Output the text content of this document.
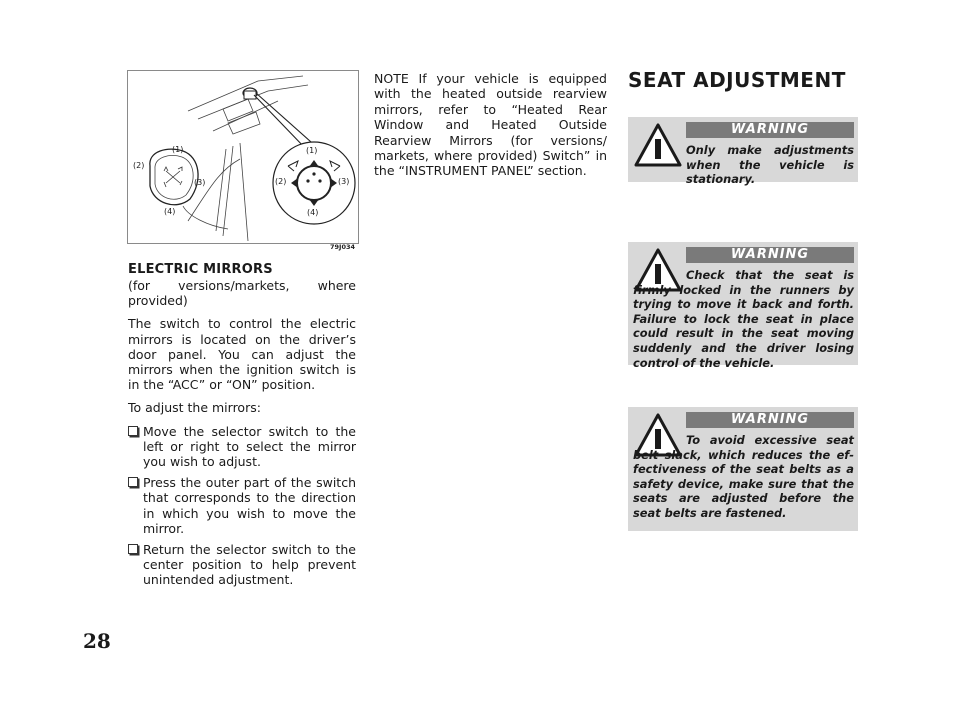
(1)
(2)
(3)
(4)
(1)
(2)	(3)
(4)
79J034
ELECTRIC MIRRORS

(for versions/markets, where provided)

The switch to control the electric mirrors is located on the driver’s door panel. You can adjust the mirrors when the ignition switch is in the “ACC” or “ON” position.

To adjust the mirrors:

Move the selector switch to the left or right to select the mirror you wish to adjust.
Press the outer part of the switch that corresponds to the direction in which you wish to move the mirror.
Return the selector switch to the center position to help prevent unintended adjustment.

NOTE If your vehicle is equipped with the heated outside rearview mirrors, refer to “Heated Rear Window and Heated Outside Rearview Mirrors (for versions/ markets, where provided) Switch” in the “INSTRUMENT PANEL” section.

SEAT ADJUSTMENT
WARNING
Only make adjustments when the vehicle is stationary.
WARNING
Check that the seat is firmly locked in the runners by trying to move it back and forth. Failure to lock the seat in place could result in the seat moving suddenly and the driver losing control of the vehicle.
WARNING
To avoid excessive seat belt slack, which reduces the effectiveness of the seat belts as a safety device, make sure that the seats are adjusted before the seat belts are fastened.
28
